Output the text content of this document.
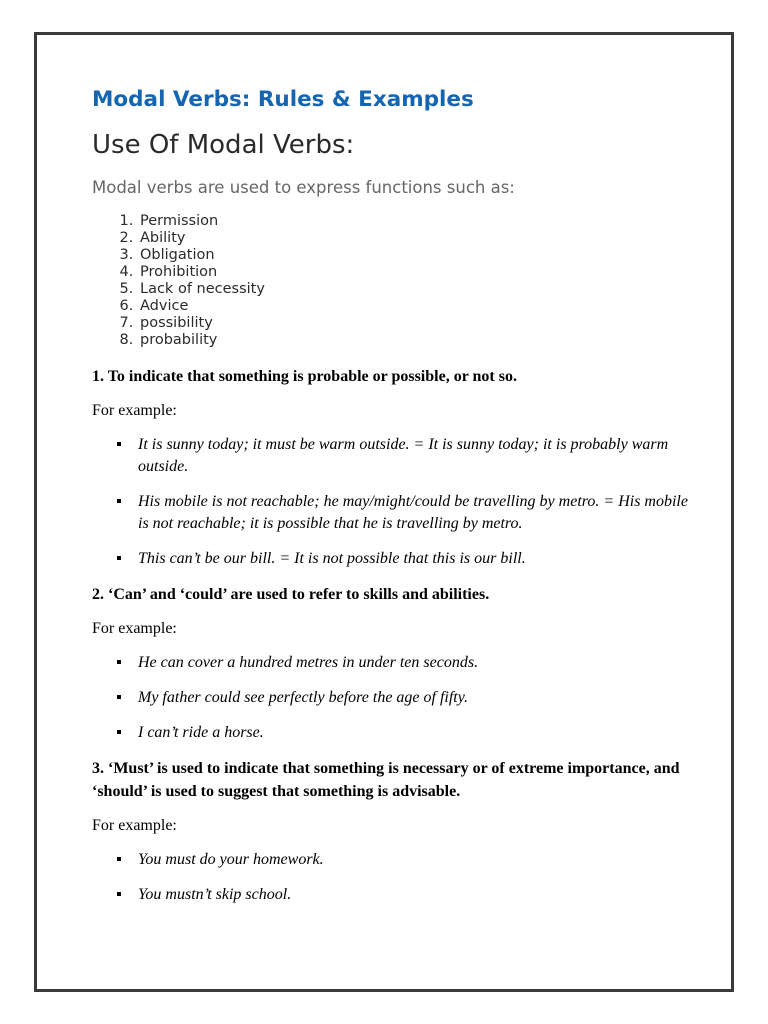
Modal Verbs: Rules & Examples
Use Of Modal Verbs:

Modal verbs are used to express functions such as:

1. Permission
2. Ability
3. Obligation
4. Prohibition
5. Lack of necessity
6. Advice
7. possibility
8. probability

1. To indicate that something is probable or possible, or not so.

For example:

It is sunny today; it must be warm outside. = It is sunny today; it is probably warm outside.
His mobile is not reachable; he may/might/could be travelling by metro. = His mobile is not reachable; it is possible that he is travelling by metro.
This can’t be our bill. = It is not possible that this is our bill.

2. ‘Can’ and ‘could’ are used to refer to skills and abilities.

For example:

He can cover a hundred metres in under ten seconds.
My father could see perfectly before the age of fifty.
I can’t ride a horse.

3. ‘Must’ is used to indicate that something is necessary or of extreme importance, and ‘should’ is used to suggest that something is advisable.

For example:

You must do your homework.
You mustn’t skip school.
